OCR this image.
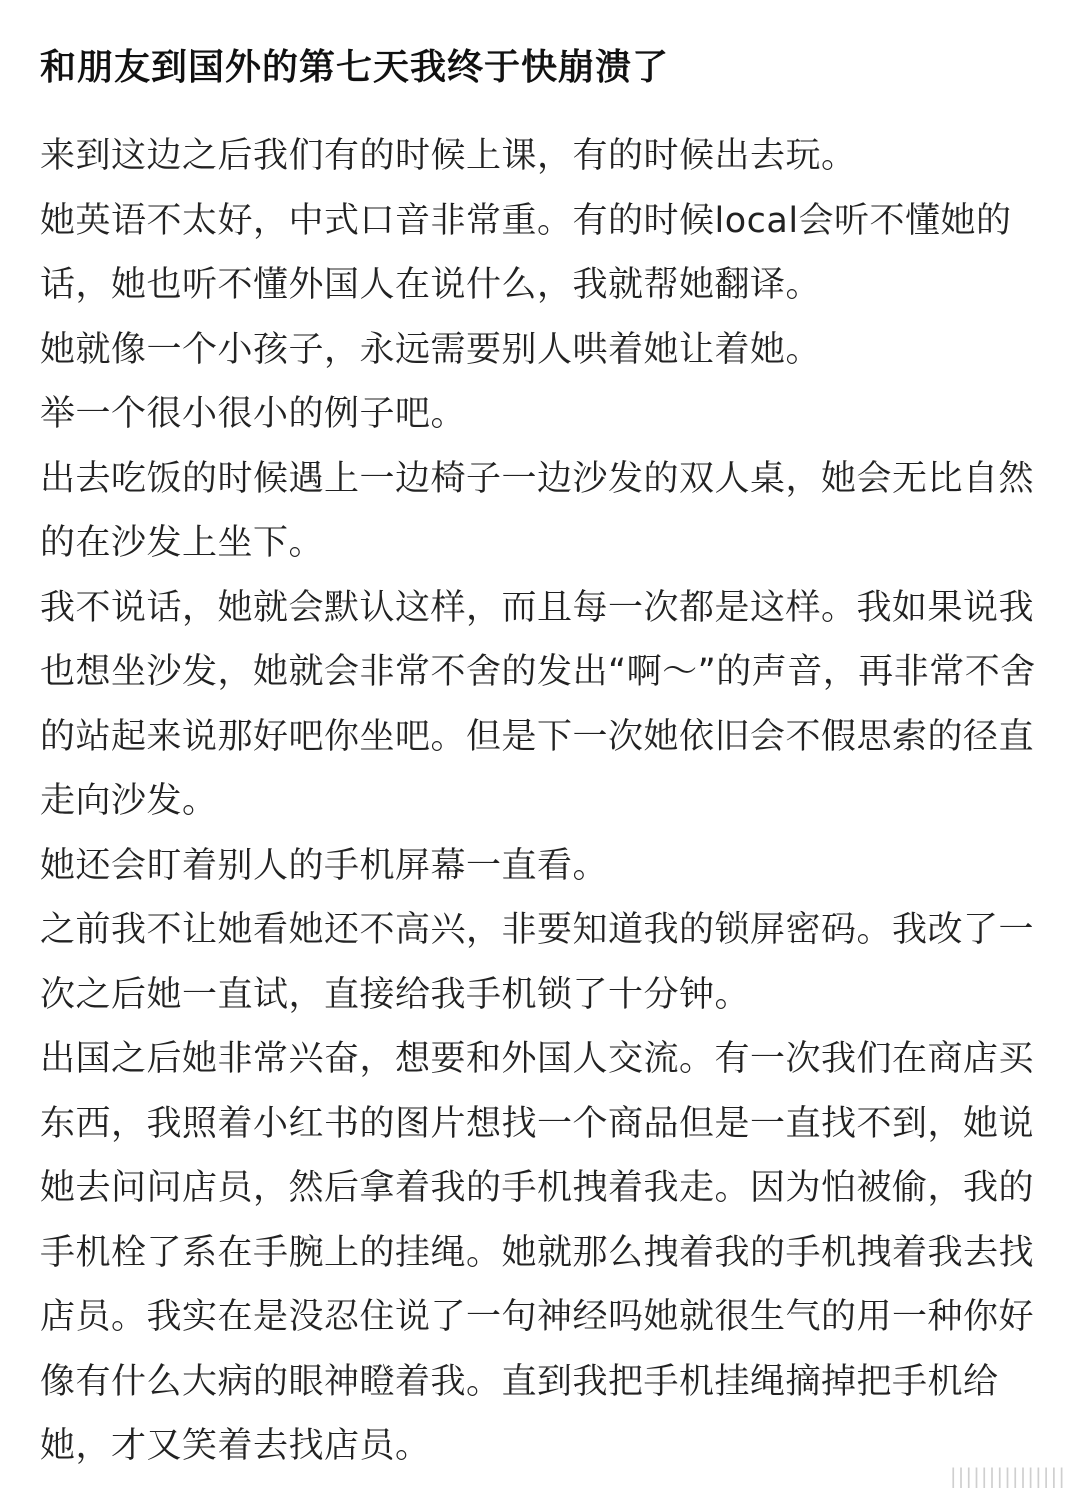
和朋友到国外的第七天我终于快崩溃了

来到这边之后我们有的时候上课，有的时候出去玩。

她英语不太好，中式口音非常重。有的时候local会听不懂她的话，她也听不懂外国人在说什么，我就帮她翻译。

她就像一个小孩子，永远需要别人哄着她让着她。

举一个很小很小的例子吧。

出去吃饭的时候遇上一边椅子一边沙发的双人桌，她会无比自然的在沙发上坐下。

我不说话，她就会默认这样，而且每一次都是这样。我如果说我也想坐沙发，她就会非常不舍的发出“啊～”的声音，再非常不舍的站起来说那好吧你坐吧。但是下一次她依旧会不假思索的径直走向沙发。

她还会盯着别人的手机屏幕一直看。

之前我不让她看她还不高兴，非要知道我的锁屏密码。我改了一次之后她一直试，直接给我手机锁了十分钟。

出国之后她非常兴奋，想要和外国人交流。有一次我们在商店买东西，我照着小红书的图片想找一个商品但是一直找不到，她说她去问问店员，然后拿着我的手机拽着我走。因为怕被偷，我的手机栓了系在手腕上的挂绳。她就那么拽着我的手机拽着我去找店员。我实在是没忍住说了一句神经吗她就很生气的用一种你好像有什么大病的眼神瞪着我。直到我把手机挂绳摘掉把手机给她，才又笑着去找店员。

|||||||||||||||
